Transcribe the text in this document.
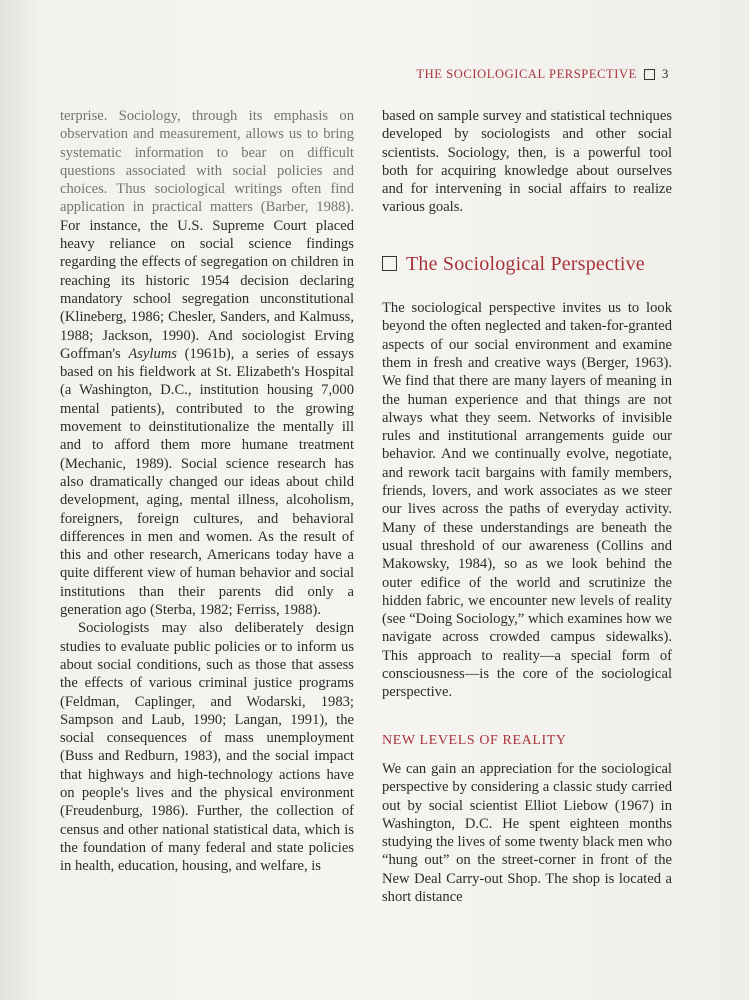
THE SOCIOLOGICAL PERSPECTIVE 3

terprise. Sociology, through its emphasis on observation and measurement, allows us to bring systematic information to bear on difficult questions associated with social policies and choices. Thus sociological writings often find application in practical matters (Barber, 1988). For instance, the U.S. Supreme Court placed heavy reliance on social science findings regarding the effects of segregation on children in reaching its historic 1954 decision declaring mandatory school segregation unconstitutional (Klineberg, 1986; Chesler, Sanders, and Kalmuss, 1988; Jackson, 1990). And sociologist Erving Goffman's Asylums (1961b), a series of essays based on his fieldwork at St. Elizabeth's Hospital (a Washington, D.C., institution housing 7,000 mental patients), contributed to the growing movement to deinstitutionalize the mentally ill and to afford them more humane treatment (Mechanic, 1989). Social science research has also dramatically changed our ideas about child development, aging, mental illness, alcoholism, foreigners, foreign cultures, and behavioral differences in men and women. As the result of this and other research, Americans today have a quite different view of human behavior and social institutions than their parents did only a generation ago (Sterba, 1982; Ferriss, 1988).

Sociologists may also deliberately design studies to evaluate public policies or to inform us about social conditions, such as those that assess the effects of various criminal justice programs (Feldman, Caplinger, and Wodarski, 1983; Sampson and Laub, 1990; Langan, 1991), the social consequences of mass unemployment (Buss and Redburn, 1983), and the social impact that highways and high-technology actions have on people's lives and the physical environment (Freudenburg, 1986). Further, the collection of census and other national statistical data, which is the foundation of many federal and state policies in health, education, housing, and welfare, is

based on sample survey and statistical techniques developed by sociologists and other social scientists. Sociology, then, is a powerful tool both for acquiring knowledge about ourselves and for intervening in social affairs to realize various goals.

The Sociological Perspective

The sociological perspective invites us to look beyond the often neglected and taken-for-granted aspects of our social environment and examine them in fresh and creative ways (Berger, 1963). We find that there are many layers of meaning in the human experience and that things are not always what they seem. Networks of invisible rules and institutional arrangements guide our behavior. And we continually evolve, negotiate, and rework tacit bargains with family members, friends, lovers, and work associates as we steer our lives across the paths of everyday activity. Many of these understandings are beneath the usual threshold of our awareness (Collins and Makowsky, 1984), so as we look behind the outer edifice of the world and scrutinize the hidden fabric, we encounter new levels of reality (see “Doing Sociology,” which examines how we navigate across crowded campus sidewalks). This approach to reality—a special form of consciousness—is the core of the sociological perspective.

NEW LEVELS OF REALITY

We can gain an appreciation for the sociological perspective by considering a classic study carried out by social scientist Elliot Liebow (1967) in Washington, D.C. He spent eighteen months studying the lives of some twenty black men who “hung out” on the street-corner in front of the New Deal Carry-out Shop. The shop is located a short distance
